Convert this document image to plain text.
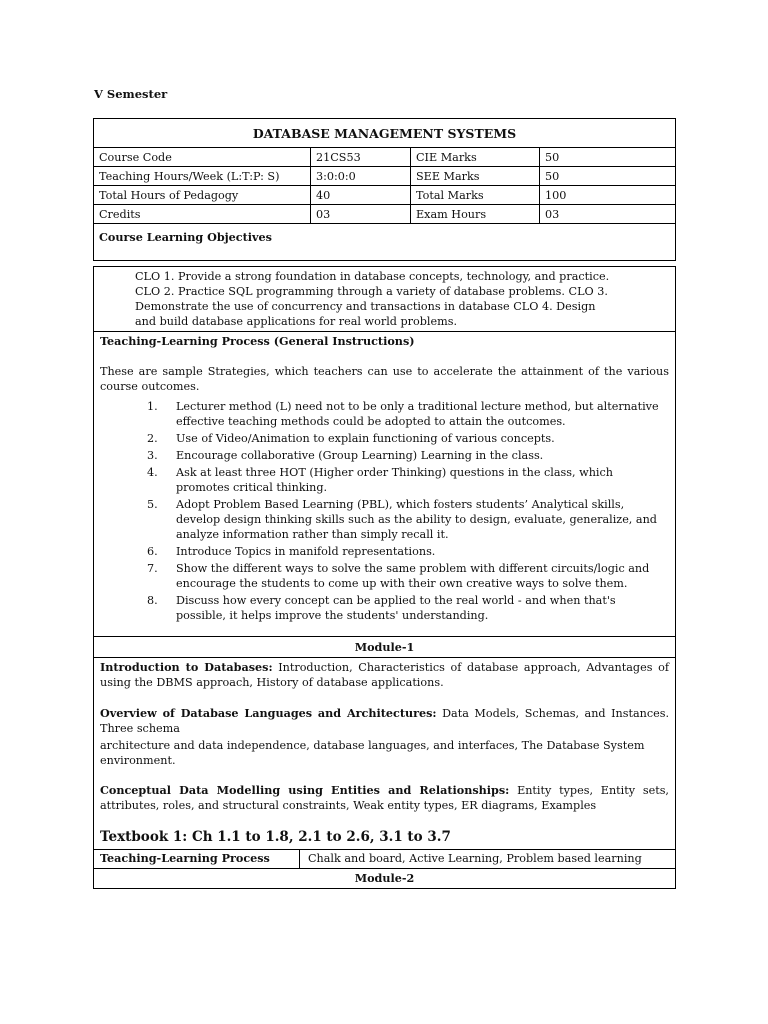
V Semester
DATABASE MANAGEMENT SYSTEMS			
Course Code	21CS53	CIE Marks	50
Teaching Hours/Week (L:T:P: S)	3:0:0:0	SEE Marks	50
Total Hours of Pedagogy	40	Total Marks	100
Credits	03	Exam Hours	03
Course Learning Objectives			
CLO 1. Provide a strong foundation in database concepts, technology, and practice.
CLO 2. Practice SQL programming through a variety of database problems. CLO 3.
Demonstrate the use of concurrency and transactions in database CLO 4. Design
and build database applications for real world problems.
Teaching-Learning Process (General Instructions)
These are sample Strategies, which teachers can use to accelerate the attainment of the various course outcomes.
1. Lecturer method (L) need not to be only a traditional lecture method, but alternative effective teaching methods could be adopted to attain the outcomes.
2. Use of Video/Animation to explain functioning of various concepts.
3. Encourage collaborative (Group Learning) Learning in the class.
4. Ask at least three HOT (Higher order Thinking) questions in the class, which promotes critical thinking.
5. Adopt Problem Based Learning (PBL), which fosters students’ Analytical skills, develop design thinking skills such as the ability to design, evaluate, generalize, and analyze information rather than simply recall it.
6. Introduce Topics in manifold representations.
7. Show the different ways to solve the same problem with different circuits/logic and encourage the students to come up with their own creative ways to solve them.
8. Discuss how every concept can be applied to the real world - and when that's possible, it helps improve the students' understanding.
Module-1
Introduction to Databases: Introduction, Characteristics of database approach, Advantages of using the DBMS approach, History of database applications.
Overview of Database Languages and Architectures: Data Models, Schemas, and Instances. Three schema
architecture and data independence, database languages, and interfaces, The Database System environment.
Conceptual Data Modelling using Entities and Relationships: Entity types, Entity sets, attributes, roles, and structural constraints, Weak entity types, ER diagrams, Examples
Textbook 1: Ch 1.1 to 1.8, 2.1 to 2.6, 3.1 to 3.7
Teaching-Learning Process	Chalk and board, Active Learning, Problem based learning
Module-2
